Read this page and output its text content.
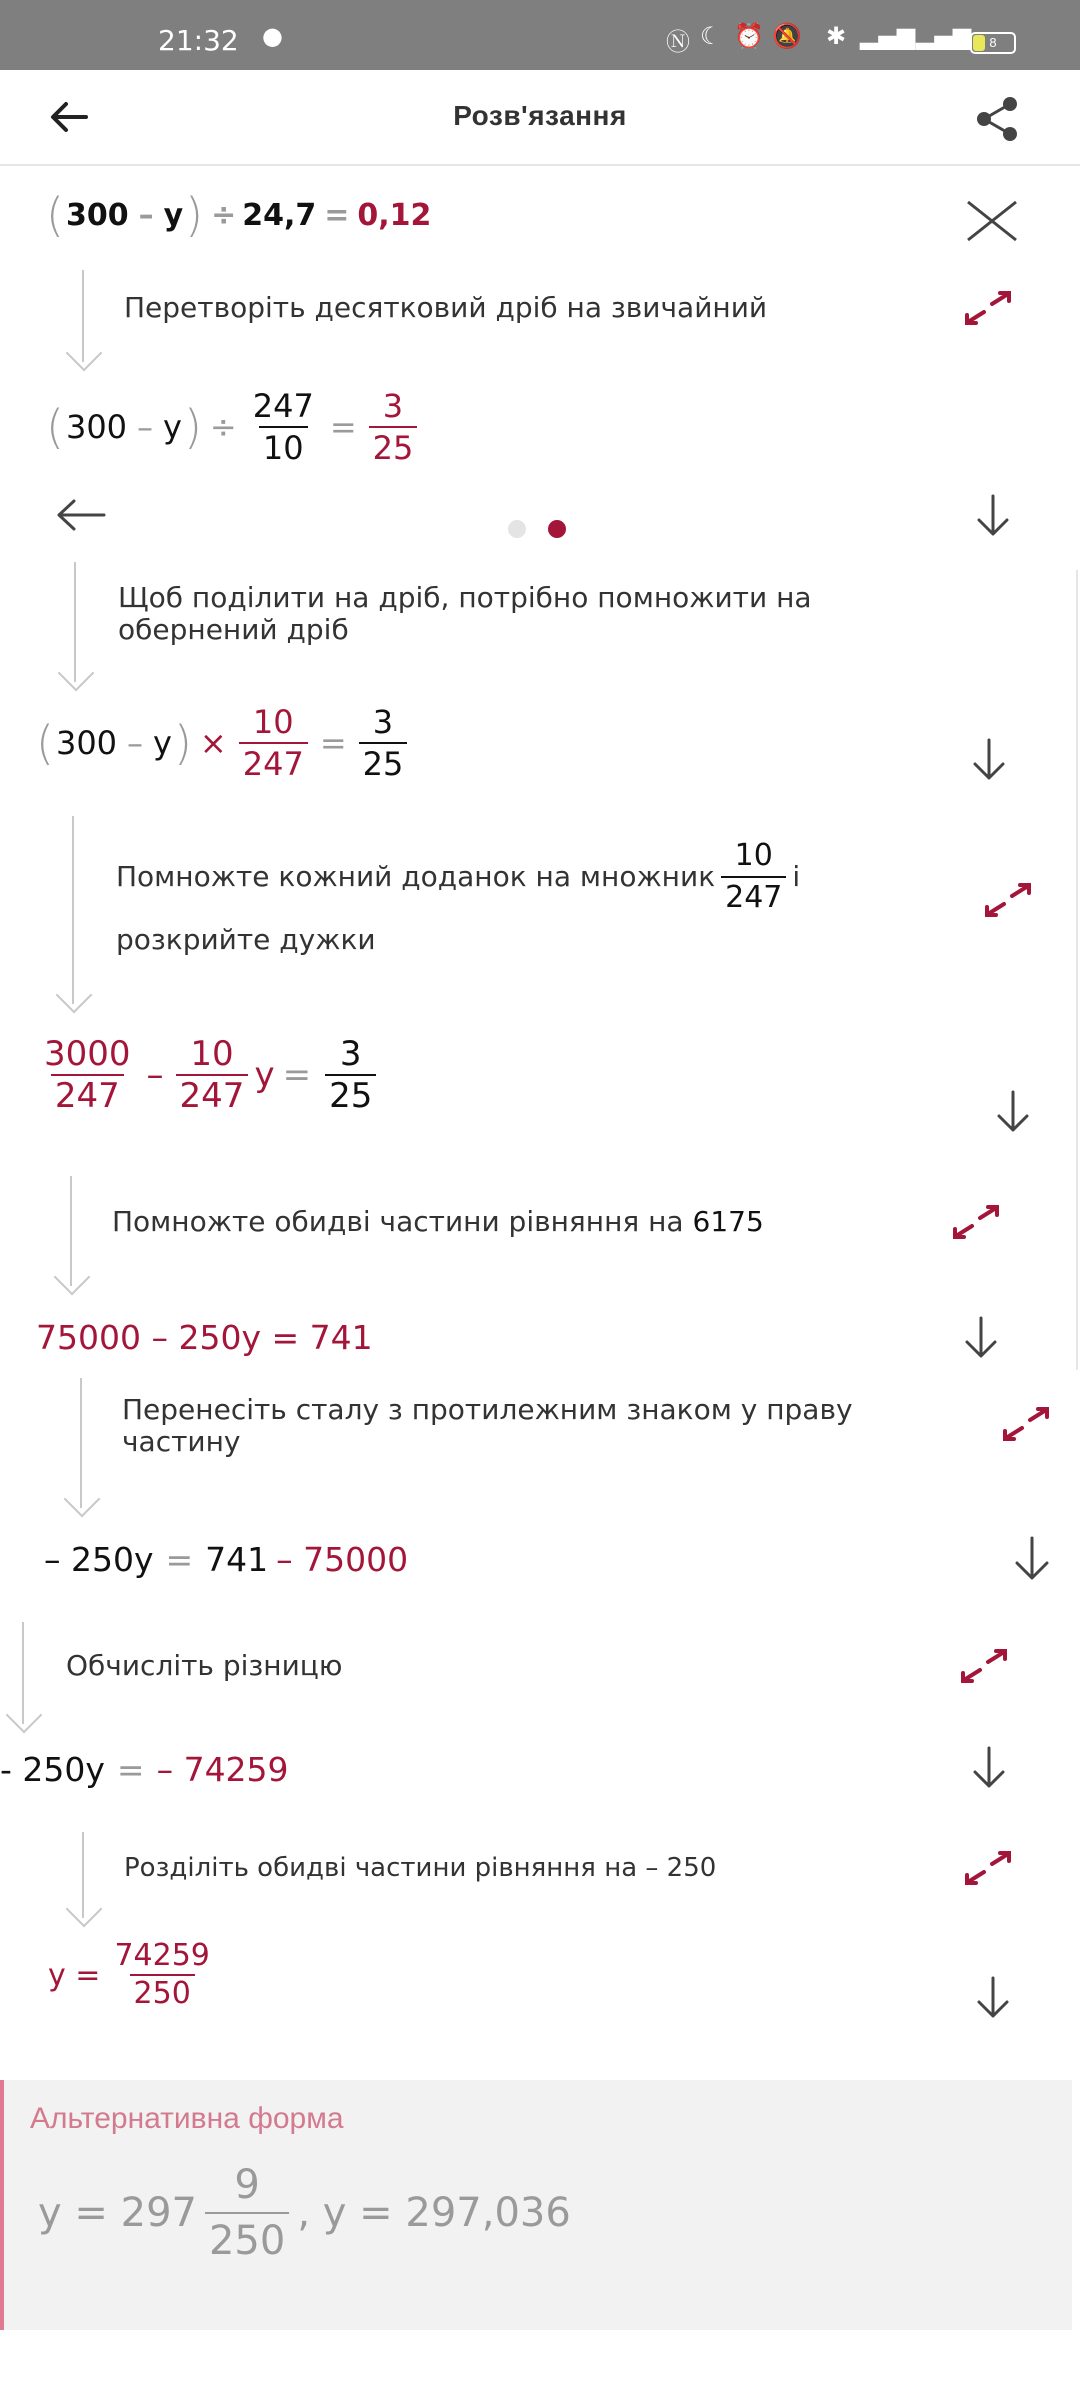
21:32 ●	Ⓝ ☾ ⏰ 🔕 ✱ ▂▄▆ ▂▄▆	8
Розв'язання
( 300 – y ) ÷ 24,7 = 0,12
Перетворіть десятковий дріб на звичайний
( 300 – y ) ÷ $\frac{247}{10} = \frac{3}{25}$
Щоб поділити на дріб, потрібно помножити на обернений дріб
( 300 – y ) × $\frac{10}{247} = \frac{3}{25}$
Помножте кожний доданок на множник $\frac{10}{247}$ і
розкрийте дужки
$\frac{3000}{247} - \frac{10}{247}$ $y = \frac{3}{25}$
Помножте обидві частини рівняння на 6175
75000 – 250y = 741
Перенесіть сталу з протилежним знаком у праву частину
– 250y = 741 – 75000
Обчисліть різницю
- 250y = – 74259
Розділіть обидві частини рівняння на – 250
$y = \frac{74259}{250}$
Альтернативна форма
$y = 297 \frac{9}{250}$ , y = 297,036
